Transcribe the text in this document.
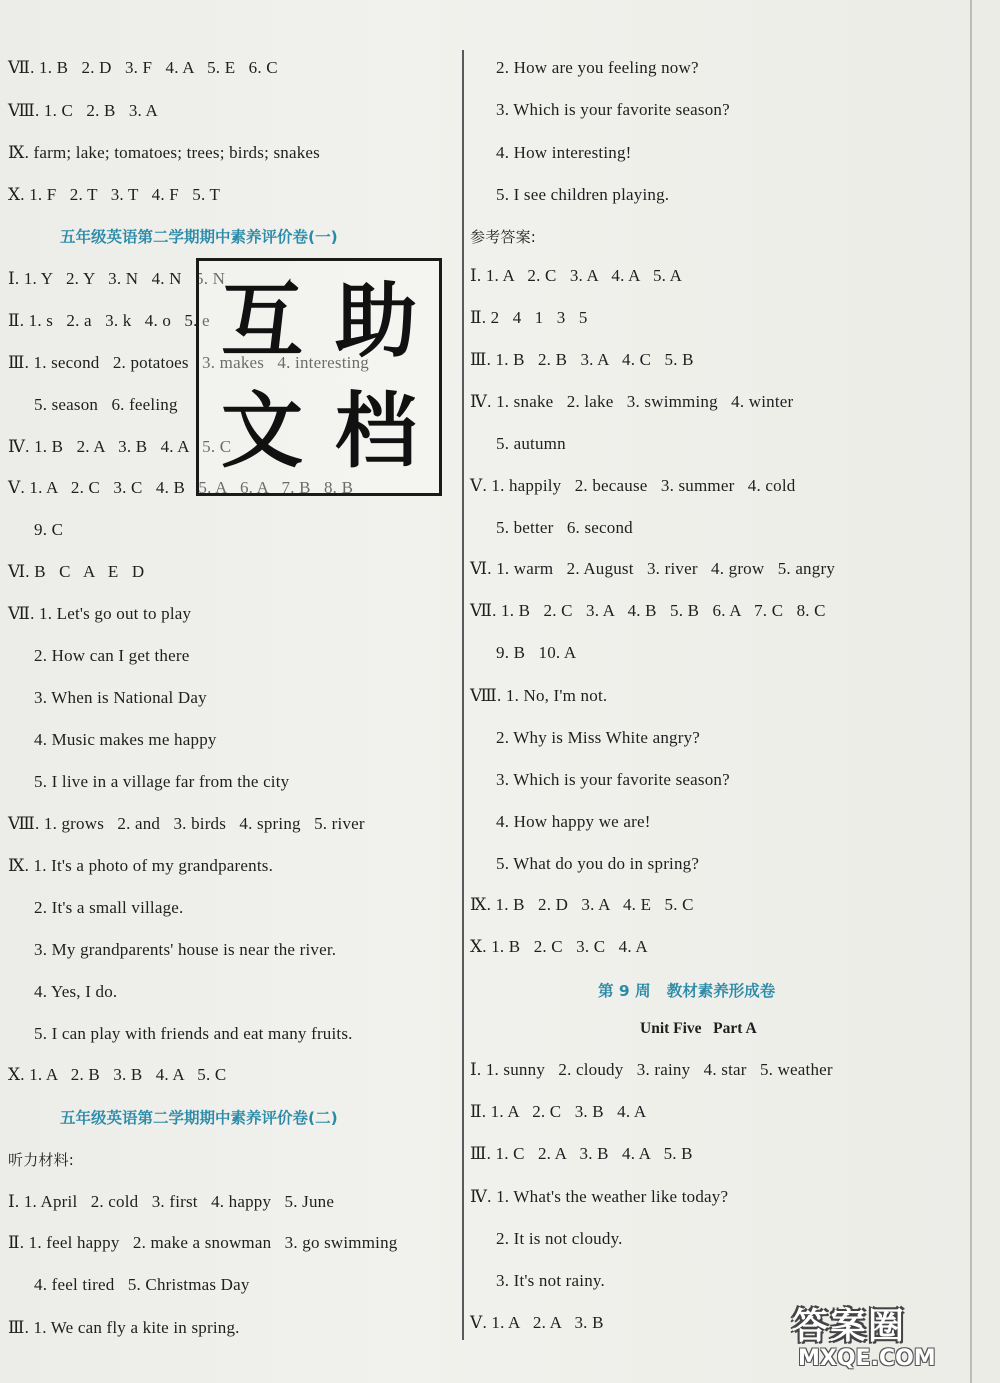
Ⅶ. 1. B   2. D   3. F   4. A   5. E   6. C
Ⅷ. 1. C   2. B   3. A
Ⅸ. farm; lake; tomatoes; trees; birds; snakes
Ⅹ. 1. F   2. T   3. T   4. F   5. T
五年级英语第二学期期中素养评价卷(一)
Ⅰ. 1. Y   2. Y   3. N   4. N   5. N
Ⅱ. 1. s   2. a   3. k   4. o   5. e
Ⅲ. 1. second   2. potatoes   3. makes   4. interesting
5. season   6. feeling
Ⅳ. 1. B   2. A   3. B   4. A   5. C
Ⅴ. 1. A   2. C   3. C   4. B   5. A   6. A   7. B   8. B
9. C
Ⅵ. B   C   A   E   D
Ⅶ. 1. Let's go out to play
2. How can I get there
3. When is National Day
4. Music makes me happy
5. I live in a village far from the city
Ⅷ. 1. grows   2. and   3. birds   4. spring   5. river
Ⅸ. 1. It's a photo of my grandparents.
2. It's a small village.
3. My grandparents' house is near the river.
4. Yes, I do.
5. I can play with friends and eat many fruits.
Ⅹ. 1. A   2. B   3. B   4. A   5. C
五年级英语第二学期期中素养评价卷(二)
听力材料:
Ⅰ. 1. April   2. cold   3. first   4. happy   5. June
Ⅱ. 1. feel happy   2. make a snowman   3. go swimming
4. feel tired   5. Christmas Day
Ⅲ. 1. We can fly a kite in spring.
互 助
文 档
2. How are you feeling now?
3. Which is your favorite season?
4. How interesting!
5. I see children playing.
参考答案:
Ⅰ. 1. A   2. C   3. A   4. A   5. A
Ⅱ. 2   4   1   3   5
Ⅲ. 1. B   2. B   3. A   4. C   5. B
Ⅳ. 1. snake   2. lake   3. swimming   4. winter
5. autumn
Ⅴ. 1. happily   2. because   3. summer   4. cold
5. better   6. second
Ⅵ. 1. warm   2. August   3. river   4. grow   5. angry
Ⅶ. 1. B   2. C   3. A   4. B   5. B   6. A   7. C   8. C
9. B   10. A
Ⅷ. 1. No, I'm not.
2. Why is Miss White angry?
3. Which is your favorite season?
4. How happy we are!
5. What do you do in spring?
Ⅸ. 1. B   2. D   3. A   4. E   5. C
Ⅹ. 1. B   2. C   3. C   4. A
第 9 周   教材素养形成卷
Unit Five   Part A
Ⅰ. 1. sunny   2. cloudy   3. rainy   4. star   5. weather
Ⅱ. 1. A   2. C   3. B   4. A
Ⅲ. 1. C   2. A   3. B   4. A   5. B
Ⅳ. 1. What's the weather like today?
2. It is not cloudy.
3. It's not rainy.
Ⅴ. 1. A   2. A   3. B	答案圈
MXQE.COM
